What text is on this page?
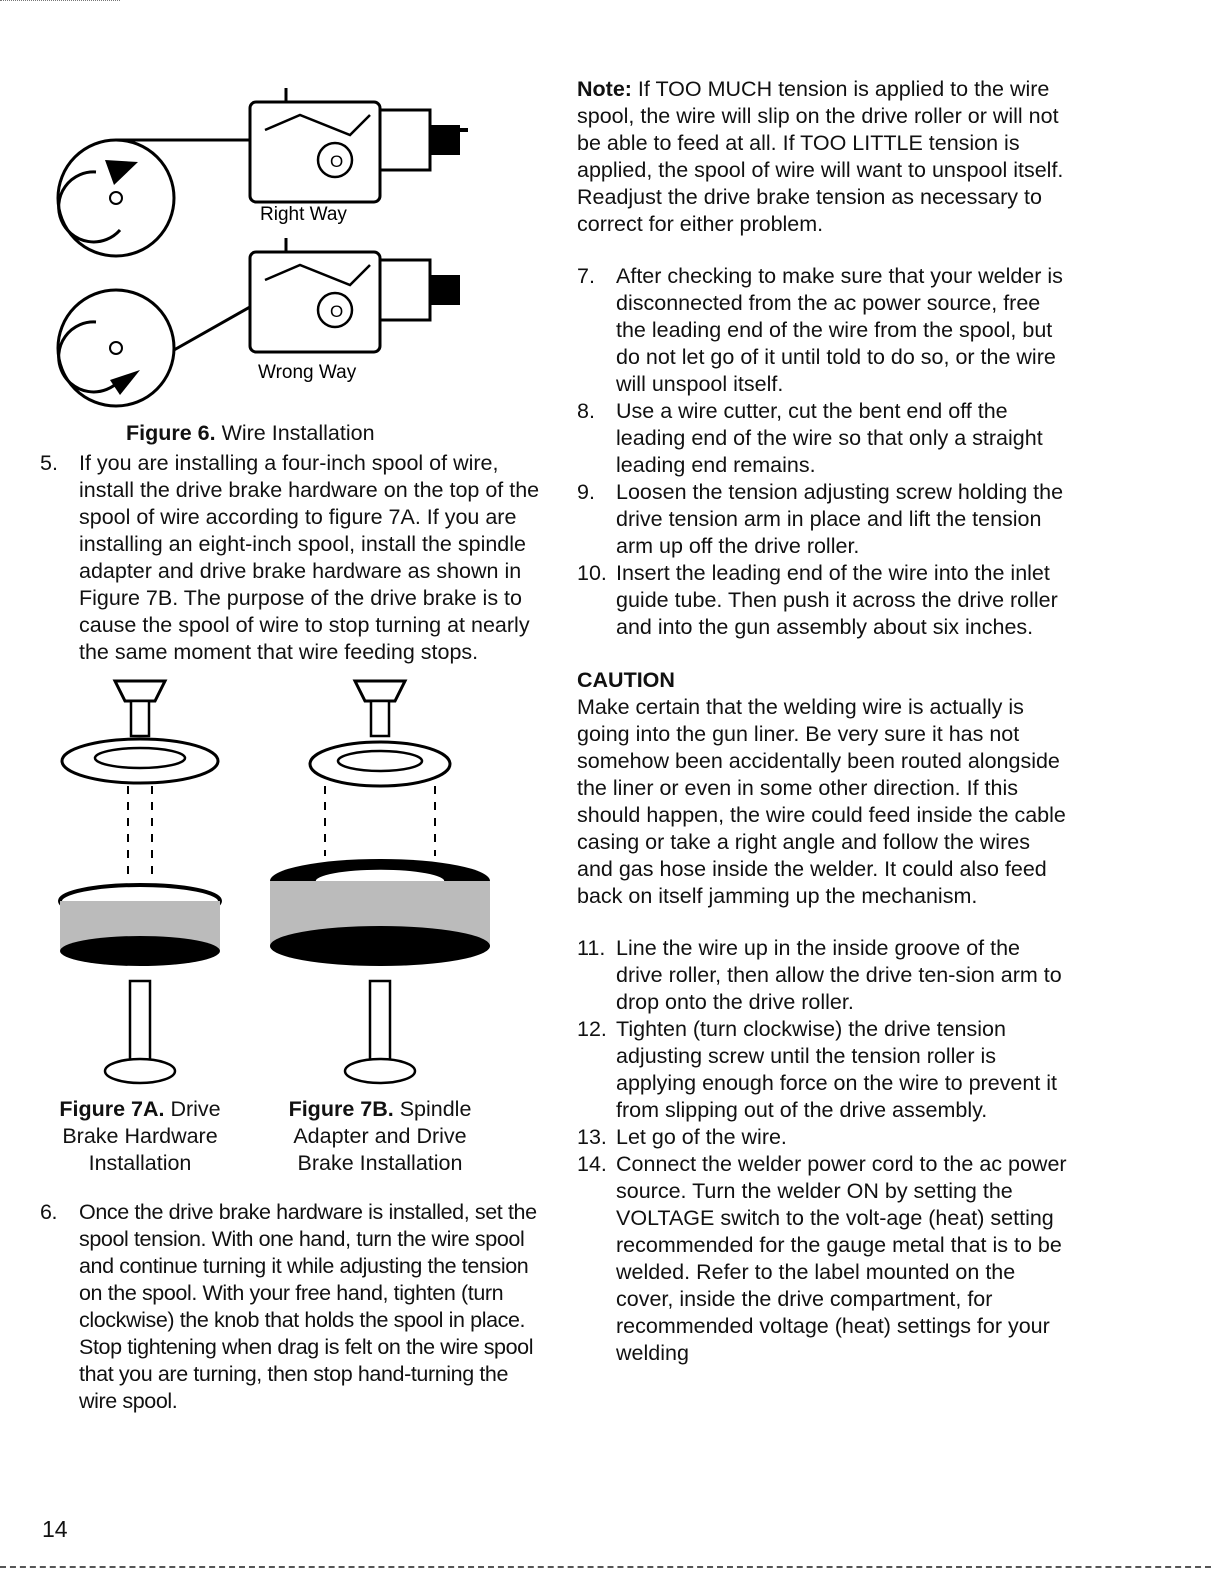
O
Right Way
O
Wrong Way

Figure 6. Wire Installation

5. If you are installing a four-inch spool of wire, install the drive brake hardware on the top of the spool of wire according to figure 7A. If you are installing an eight-inch spool, install the spindle adapter and drive brake hardware as shown in Figure 7B. The purpose of the drive brake is to cause the spool of wire to stop turning at nearly the same moment that wire feeding stops.
Figure 7A. Drive Brake Hardware Installation
Figure 7B. Spindle Adapter and Drive Brake Installation
6. Once the drive brake hardware is installed, set the spool tension. With one hand, turn the wire spool and continue turning it while adjusting the tension on the spool. With your free hand, tighten (turn clockwise) the knob that holds the spool in place. Stop tightening when drag is felt on the wire spool that you are turning, then stop hand-turning the wire spool.

Note: If TOO MUCH tension is applied to the wire spool, the wire will slip on the drive roller or will not be able to feed at all. If TOO LITTLE tension is applied, the spool of wire will want to unspool itself. Readjust the drive brake tension as necessary to correct for either problem.

7. After checking to make sure that your welder is disconnected from the ac power source, free the leading end of the wire from the spool, but do not let go of it until told to do so, or the wire will unspool itself.
8. Use a wire cutter, cut the bent end off the leading end of the wire so that only a straight leading end remains.
9. Loosen the tension adjusting screw holding the drive tension arm in place and lift the tension arm up off the drive roller.
10. Insert the leading end of the wire into the inlet guide tube. Then push it across the drive roller and into the gun assembly about six inches.

CAUTION

Make certain that the welding wire is actually is going into the gun liner. Be very sure it has not somehow been accidentally been routed alongside the liner or even in some other direction. If this should happen, the wire could feed inside the cable casing or take a right angle and follow the wires and gas hose inside the welder. It could also feed back on itself jamming up the mechanism.

11. Line the wire up in the inside groove of the drive roller, then allow the drive ten-sion arm to drop onto the drive roller.
12. Tighten (turn clockwise) the drive tension adjusting screw until the tension roller is applying enough force on the wire to prevent it from slipping out of the drive assembly.
13. Let go of the wire.
14. Connect the welder power cord to the ac power source. Turn the welder ON by setting the VOLTAGE switch to the volt-age (heat) setting recommended for the gauge metal that is to be welded. Refer to the label mounted on the cover, inside the drive compartment, for recommended voltage (heat) settings for your welding
14
